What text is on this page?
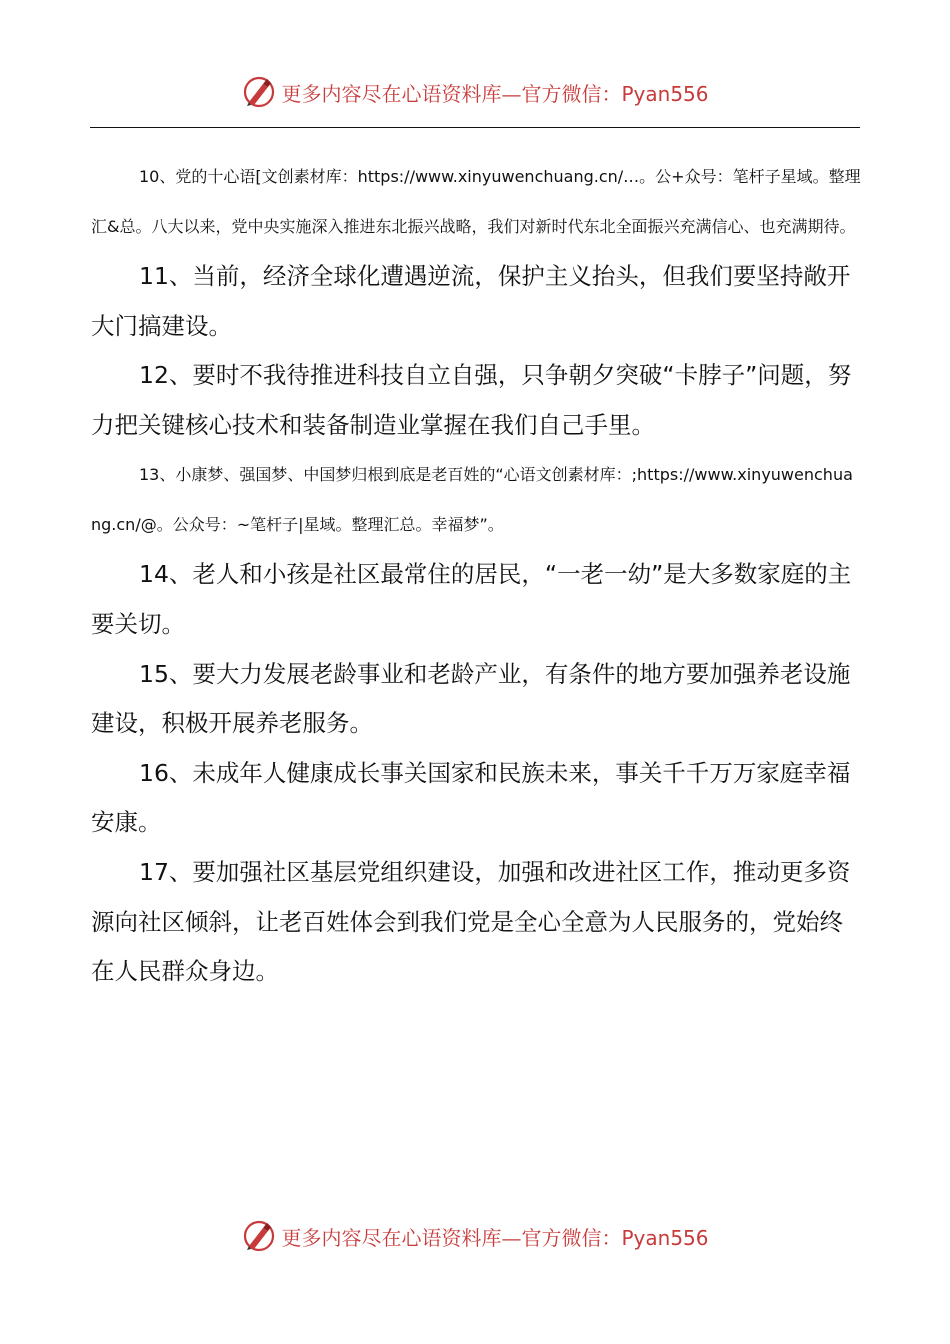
更多内容尽在心语资料库—官方微信：Pyan556

10、党的十心语[文创素材库：https://www.xinyuwenchuang.cn/…。公+众号：笔杆子星域。整理汇&总。八大以来，党中央实施深入推进东北振兴战略，我们对新时代东北全面振兴充满信心、也充满期待。

11、当前，经济全球化遭遇逆流，保护主义抬头，但我们要坚持敞开大门搞建设。

12、要时不我待推进科技自立自强，只争朝夕突破“卡脖子”问题，努力把关键核心技术和装备制造业掌握在我们自己手里。

13、小康梦、强国梦、中国梦归根到底是老百姓的“心语文创素材库：;https://www.xinyuwenchuang.cn/@。公众号：~笔杆子|星域。整理汇总。幸福梦”。

14、老人和小孩是社区最常住的居民，“一老一幼”是大多数家庭的主要关切。

15、要大力发展老龄事业和老龄产业，有条件的地方要加强养老设施建设，积极开展养老服务。

16、未成年人健康成长事关国家和民族未来，事关千千万万家庭幸福安康。

17、要加强社区基层党组织建设，加强和改进社区工作，推动更多资源向社区倾斜，让老百姓体会到我们党是全心全意为人民服务的，党始终在人民群众身边。

更多内容尽在心语资料库—官方微信：Pyan556
